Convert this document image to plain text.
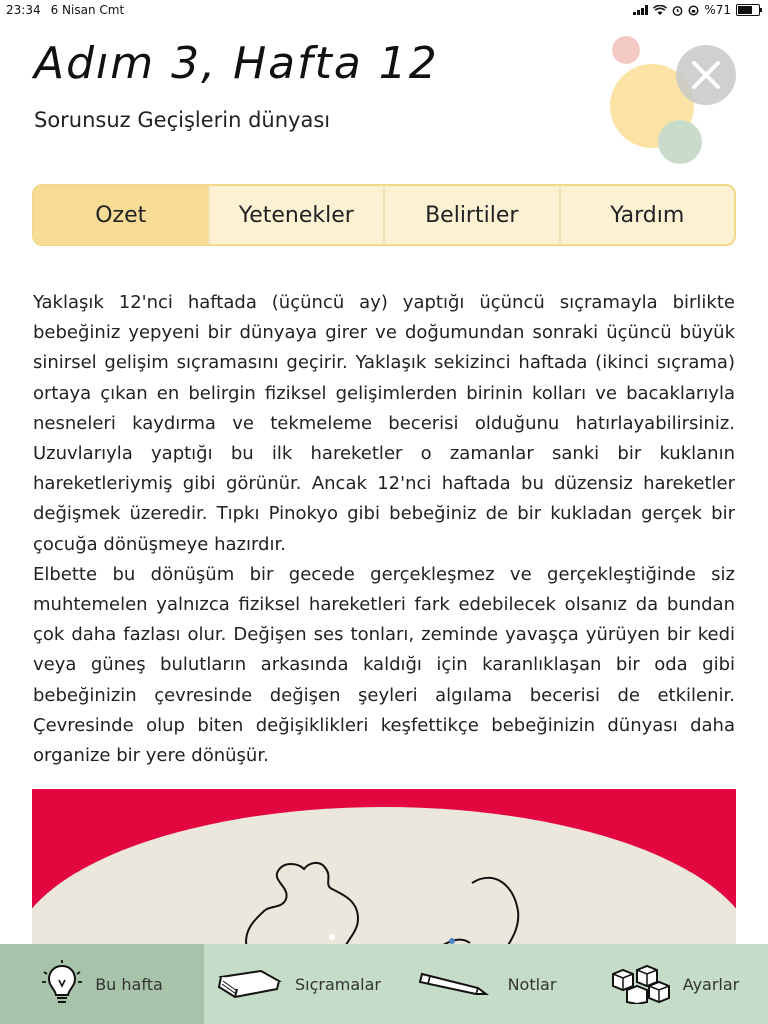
23:34 6 Nisan Cmt	%71
Adım 3, Hafta 12
Sorunsuz Geçişlerin dünyası
Ozet	Yetenekler	Belirtiler	Yardım

Yaklaşık 12'nci haftada (üçüncü ay) yaptığı üçüncü sıçramayla birlikte bebeğiniz yepyeni bir dünyaya girer ve doğumundan sonraki üçüncü büyük sinirsel gelişim sıçramasını geçirir. Yaklaşık sekizinci haftada (ikinci sıçrama) ortaya çıkan en belirgin fiziksel gelişimlerden birinin kolları ve bacaklarıyla nesneleri kaydırma ve tekmeleme becerisi olduğunu hatırlayabilirsiniz. Uzuvlarıyla yaptığı bu ilk hareketler o zamanlar sanki bir kuklanın hareketleriymiş gibi görünür. Ancak 12'nci haftada bu düzensiz hareketler değişmek üzeredir. Tıpkı Pinokyo gibi bebeğiniz de bir kukladan gerçek bir çocuğa dönüşmeye hazırdır.

Elbette bu dönüşüm bir gecede gerçekleşmez ve gerçekleştiğinde siz muhtemelen yalnızca fiziksel hareketleri fark edebilecek olsanız da bundan çok daha fazlası olur. Değişen ses tonları, zeminde yavaşça yürüyen bir kedi veya güneş bulutların arkasında kaldığı için karanlıklaşan bir oda gibi bebeğinizin çevresinde değişen şeyleri algılama becerisi de etkilenir. Çevresinde olup biten değişiklikleri keşfettikçe bebeğinizin dünyası daha organize bir yere dönüşür.

Bu hafta	Sıçramalar	Notlar	Ayarlar
